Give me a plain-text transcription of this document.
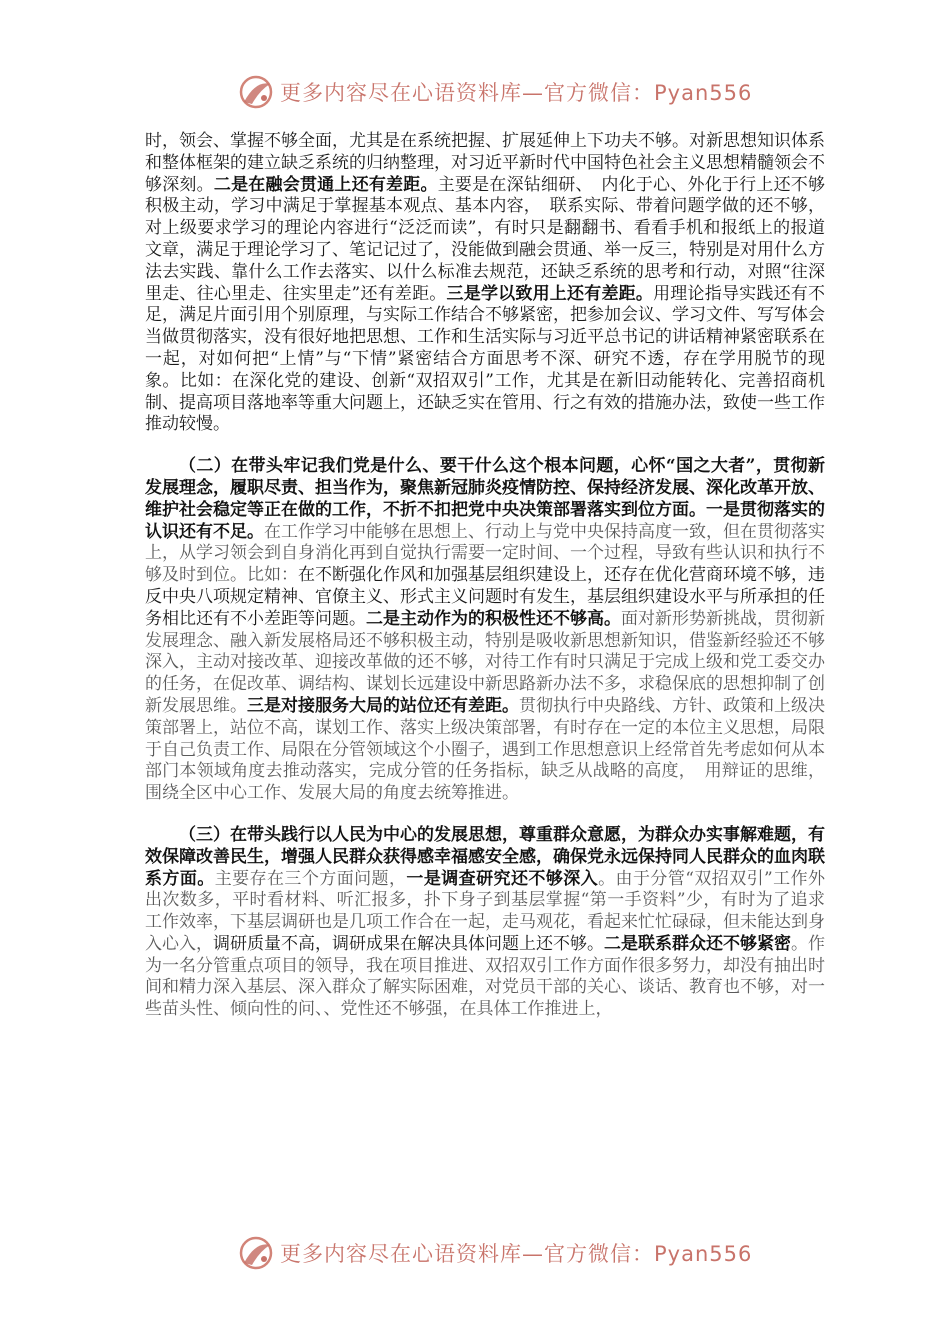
更多内容尽在心语资料库—官方微信：Pyan556

时，领会、掌握不够全面，尤其是在系统把握、扩展延伸上下功夫不够。对新思想知识体系和整体框架的建立缺乏系统的归纳整理，对习近平新时代中国特色社会主义思想精髓领会不够深刻。二是在融会贯通上还有差距。主要是在深钻细研、　内化于心、外化于行上还不够积极主动，学习中满足于掌握基本观点、基本内容，　联系实际、带着问题学做的还不够，对上级要求学习的理论内容进行“泛泛而读”，有时只是翻翻书、看看手机和报纸上的报道文章，满足于理论学习了、笔记记过了，没能做到融会贯通、举一反三，特别是对用什么方法去实践、靠什么工作去落实、以什么标准去规范，还缺乏系统的思考和行动，对照“往深里走、往心里走、往实里走”还有差距。三是学以致用上还有差距。用理论指导实践还有不足，满足片面引用个别原理，与实际工作结合不够紧密，把参加会议、学习文件、写写体会当做贯彻落实，没有很好地把思想、工作和生活实际与习近平总书记的讲话精神紧密联系在一起，对如何把“上情”与“下情”紧密结合方面思考不深、研究不透，存在学用脱节的现象。比如：在深化党的建设、创新“双招双引”工作，尤其是在新旧动能转化、完善招商机制、提高项目落地率等重大问题上，还缺乏实在管用、行之有效的措施办法，致使一些工作推动较慢。

（二）在带头牢记我们党是什么、要干什么这个根本问题，心怀“国之大者”，贯彻新发展理念，履职尽责、担当作为，聚焦新冠肺炎疫情防控、保持经济发展、深化改革开放、维护社会稳定等正在做的工作，不折不扣把党中央决策部署落实到位方面。一是贯彻落实的认识还有不足。在工作学习中能够在思想上、行动上与党中央保持高度一致，但在贯彻落实上，从学习领会到自身消化再到自觉执行需要一定时间、一个过程，导致有些认识和执行不够及时到位。比如：在不断强化作风和加强基层组织建设上，还存在优化营商环境不够，违反中央八项规定精神、官僚主义、形式主义问题时有发生，基层组织建设水平与所承担的任务相比还有不小差距等问题。二是主动作为的积极性还不够高。面对新形势新挑战，贯彻新发展理念、融入新发展格局还不够积极主动，特别是吸收新思想新知识，借鉴新经验还不够深入，主动对接改革、迎接改革做的还不够，对待工作有时只满足于完成上级和党工委交办的任务，在促改革、调结构、谋划长远建设中新思路新办法不多，求稳保底的思想抑制了创新发展思维。三是对接服务大局的站位还有差距。贯彻执行中央路线、方针、政策和上级决策部署上，站位不高，谋划工作、落实上级决策部署，有时存在一定的本位主义思想，局限于自己负责工作、局限在分管领域这个小圈子，遇到工作思想意识上经常首先考虑如何从本部门本领域角度去推动落实，完成分管的任务指标，缺乏从战略的高度，　用辩证的思维，围绕全区中心工作、发展大局的角度去统筹推进。

（三）在带头践行以人民为中心的发展思想，尊重群众意愿，为群众办实事解难题，有效保障改善民生，增强人民群众获得感幸福感安全感，确保党永远保持同人民群众的血肉联系方面。主要存在三个方面问题，一是调查研究还不够深入。由于分管“双招双引”工作外出次数多，平时看材料、听汇报多，扑下身子到基层掌握“第一手资料”少，有时为了追求工作效率，下基层调研也是几项工作合在一起，走马观花，看起来忙忙碌碌，但未能达到身入心入，调研质量不高，调研成果在解决具体问题上还不够。二是联系群众还不够紧密。作为一名分管重点项目的领导，我在项目推进、双招双引工作方面作很多努力，却没有抽出时间和精力深入基层、深入群众了解实际困难，对党员干部的关心、谈话、教育也不够，对一些苗头性、倾向性的问、、党性还不够强，在具体工作推进上，

更多内容尽在心语资料库—官方微信：Pyan556
